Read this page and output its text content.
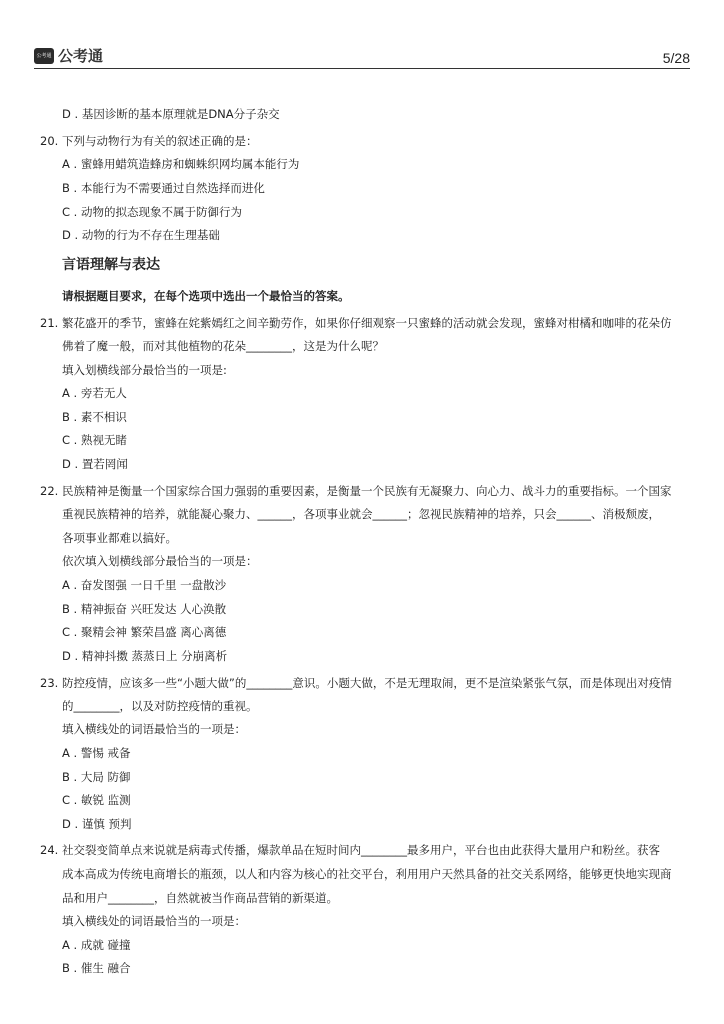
公考通 公考通	5/28
D . 基因诊断的基本原理就是DNA分子杂交
20. 下列与动物行为有关的叙述正确的是：
A . 蜜蜂用蜡筑造蜂房和蜘蛛织网均属本能行为
B . 本能行为不需要通过自然选择而进化
C . 动物的拟态现象不属于防御行为
D . 动物的行为不存在生理基础
言语理解与表达
请根据题目要求，在每个选项中选出一个最恰当的答案。
21. 繁花盛开的季节，蜜蜂在姹紫嫣红之间辛勤劳作，如果你仔细观察一只蜜蜂的活动就会发现，蜜蜂对柑橘和咖啡的花朵仿
佛着了魔一般，而对其他植物的花朵________，这是为什么呢？
填入划横线部分最恰当的一项是:
A . 旁若无人
B . 素不相识
C . 熟视无睹
D . 置若罔闻
22. 民族精神是衡量一个国家综合国力强弱的重要因素，是衡量一个民族有无凝聚力、向心力、战斗力的重要指标。一个国家
重视民族精神的培养，就能凝心聚力、______，各项事业就会______；忽视民族精神的培养，只会______、消极颓废，
各项事业都难以搞好。
依次填入划横线部分最恰当的一项是：
A . 奋发图强 一日千里 一盘散沙
B . 精神振奋 兴旺发达 人心涣散
C . 聚精会神 繁荣昌盛 离心离德
D . 精神抖擞 蒸蒸日上 分崩离析
23. 防控疫情，应该多一些“小题大做”的________意识。小题大做，不是无理取闹，更不是渲染紧张气氛，而是体现出对疫情
的________，以及对防控疫情的重视。
填入横线处的词语最恰当的一项是：
A . 警惕 戒备
B . 大局 防御
C . 敏锐 监测
D . 谨慎 预判
24. 社交裂变简单点来说就是病毒式传播，爆款单品在短时间内________最多用户，平台也由此获得大量用户和粉丝。获客
成本高成为传统电商增长的瓶颈，以人和内容为核心的社交平台，利用用户天然具备的社交关系网络，能够更快地实现商
品和用户________，自然就被当作商品营销的新渠道。
填入横线处的词语最恰当的一项是：
A . 成就 碰撞
B . 催生 融合
